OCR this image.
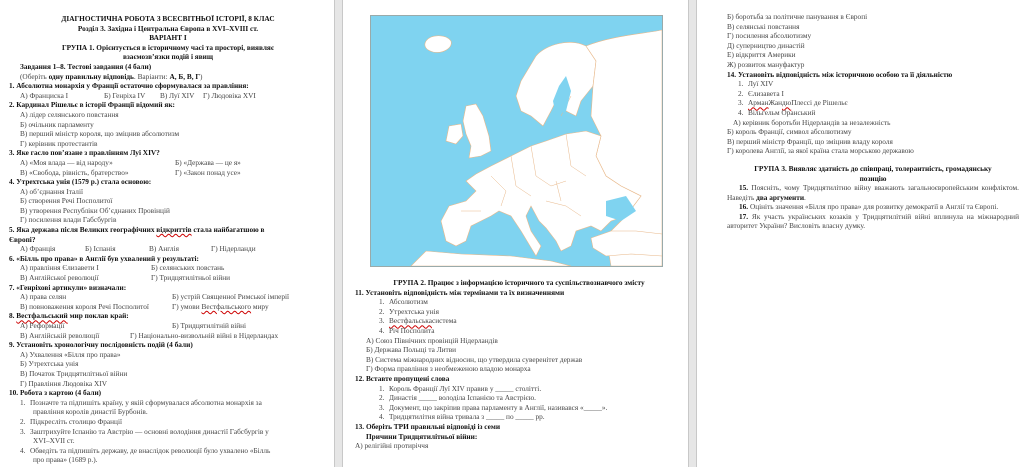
ДІАГНОСТИЧНА РОБОТА З ВСЕСВІТНЬОЇ ІСТОРІЇ, 8 КЛАС
Розділ 3. Західна і Центральна Європа в XVI–XVIII ст.
ВАРІАНТ І
ГРУПА 1. Орієнтується в історичному часі та просторі, виявляє
взаємозв’язки подій і явищ
Завдання 1–8. Тестові завдання (4 бали)
(Оберіть одну правильну відповідь. Варіанти: А, Б, В, Г)
1. Абсолютна монархія у Франції остаточно сформувалася за правління:
А) Франциска I	Б) Генріха IV	В) Луї XIV	Г) Людовіка XVI
2. Кардинал Рішельє в історії Франції відомий як:
А) лідер селянського повстання
Б) очільник парламенту
В) перший міністр короля, що зміцнив абсолютизм
Г) керівник протестантів
3. Яке гасло пов’язане з правлінням Луї XIV?
А) «Моя влада — від народу»	Б) «Держава — це я»
В) «Свобода, рівність, братерство»	Г) «Закон понад усе»
4. Утрехтська унія (1579 р.) стала основою:
А) об’єднання Італії
Б) створення Речі Посполитої
В) утворення Республіки Об’єднаних Провінцій
Г) посилення влади Габсбургів
5. Яка держава після Великих географічних відкриттів стала найбагатшою в
Європі?
А) Франція	Б) Іспанія	В) Англія	Г) Нідерланди
6. «Білль про права» в Англії був ухвалений у результаті:
А) правління Єлизавети I	Б) селянських повстань
В) Англійської революції	Г) Тридцятилітньої війни
7. «Генріхові артикули» визначали:
А) права селян	Б) устрій Священної Римської імперії
В) повноваження короля Речі Посполитої	Г) умови Вестфальського миру
8. Вестфальський мир поклав край:
А) Реформації	Б) Тридцятилітній війні
В) Англійській революції	Г) Національно-визвольній війні в Нідерландах
9. Установіть хронологічну послідовність подій (4 бали)
А) Ухвалення «Білля про права»
Б) Утрехтська унія
В) Початок Тридцятилітньої війни
Г) Правління Людовіка XIV
10. Робота з картою (4 бали)
1. Позначте та підпишіть країну, у якій сформувалася абсолютна монархія за
правління королів династії Бурбонів.
2. Підкресліть столицю Франції
3. Заштрихуйте Іспанію та Австрію — основні володіння династії Габсбургів у
XVI–XVII ст.
4. Обведіть та підпишіть державу, де внаслідок революції було ухвалено «Білль
про права» (1689 р.).
ГРУПА 2. Працює з інформацією історичного та суспільствознавчого змісту
11. Установіть відповідність між термінами та їх визначеннями
1. Абсолютизм
2. Утрехтська унія
3. Вестфальська система
4. Річ Посполита
А) Союз Північних провінцій Нідерландів
Б) Держава Польщі та Литви
В) Система міжнародних відносин, що утвердила суверенітет держав
Г) Форма правління з необмеженою владою монарха
12. Вставте пропущені слова
1. Король Франції Луї XIV правив у _____ столітті.
2. Династія _____ володіла Іспанією та Австрією.
3. Документ, що закріпив права парламенту в Англії, називався «_____».
4. Тридцятилітня війна тривала з _____ по _____ рр.
13. Оберіть ТРИ правильні відповіді із семи
Причини Тридцятилітньої війни:
А) релігійні протиріччя
Б) боротьба за політичне панування в Європі
В) селянські повстання
Г) посилення абсолютизму
Д) суперництво династій
Е) відкриття Америки
Ж) розвиток мануфактур
14. Установіть відповідність між історичною особою та її діяльністю
1. Луї XIV
2. Єлизавета I
3. Арман Жан дю Плессі де Рішельє
4. Вільгельм Оранський
А) керівник боротьби Нідерландів за незалежність
Б) король Франції, символ абсолютизму
В) перший міністр Франції, що зміцнив владу короля
Г) королева Англії, за якої країна стала морською державою
ГРУПА 3. Виявляє здатність до співпраці, толерантність, громадянську
позицію
15. Поясніть, чому Тридцятилітню війну вважають загальноєвропейським конфліктом. Наведіть два аргументи.
16. Оцініть значення «Білля про права» для розвитку демократії в Англії та Європі.
17. Як участь українських козаків у Тридцятилітній війні вплинула на міжнародний авторитет України? Висловіть власну думку.
